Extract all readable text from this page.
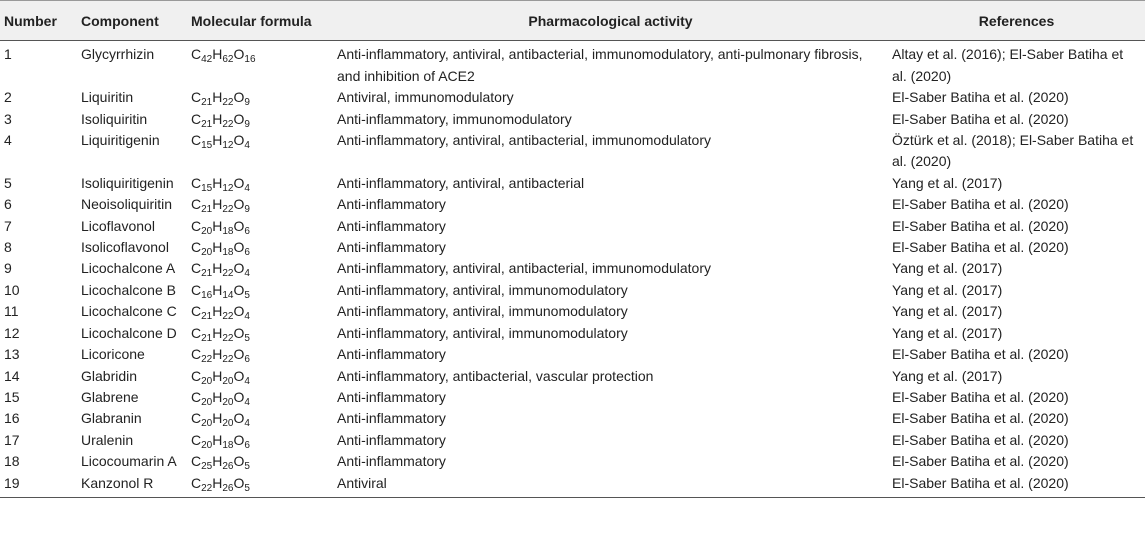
Number	Component	Molecular formula	Pharmacological activity	References
1	Glycyrrhizin	$C_{42}H_{62}O_{16}$	Anti-inflammatory, antiviral, antibacterial, immunomodulatory, anti-pulmonary fibrosis, and inhibition of ACE2	Altay et al. (2016); El-Saber Batiha et al. (2020)
2	Liquiritin	$C_{21}H_{22}O_9$	Antiviral, immunomodulatory	El-Saber Batiha et al. (2020)
3	Isoliquiritin	$C_{21}H_{22}O_9$	Anti-inflammatory, immunomodulatory	El-Saber Batiha et al. (2020)
4	Liquiritigenin	$C_{15}H_{12}O_4$	Anti-inflammatory, antiviral, antibacterial, immunomodulatory	Öztürk et al. (2018); El-Saber Batiha et al. (2020)
5	Isoliquiritigenin	$C_{15}H_{12}O_4$	Anti-inflammatory, antiviral, antibacterial	Yang et al. (2017)
6	Neoisoliquiritin	$C_{21}H_{22}O_9$	Anti-inflammatory	El-Saber Batiha et al. (2020)
7	Licoflavonol	$C_{20}H_{18}O_6$	Anti-inflammatory	El-Saber Batiha et al. (2020)
8	Isolicoflavonol	$C_{20}H_{18}O_6$	Anti-inflammatory	El-Saber Batiha et al. (2020)
9	Licochalcone A	$C_{21}H_{22}O_4$	Anti-inflammatory, antiviral, antibacterial, immunomodulatory	Yang et al. (2017)
10	Licochalcone B	$C_{16}H_{14}O_5$	Anti-inflammatory, antiviral, immunomodulatory	Yang et al. (2017)
11	Licochalcone C	$C_{21}H_{22}O_4$	Anti-inflammatory, antiviral, immunomodulatory	Yang et al. (2017)
12	Licochalcone D	$C_{21}H_{22}O_5$	Anti-inflammatory, antiviral, immunomodulatory	Yang et al. (2017)
13	Licoricone	$C_{22}H_{22}O_6$	Anti-inflammatory	El-Saber Batiha et al. (2020)
14	Glabridin	$C_{20}H_{20}O_4$	Anti-inflammatory, antibacterial, vascular protection	Yang et al. (2017)
15	Glabrene	$C_{20}H_{20}O_4$	Anti-inflammatory	El-Saber Batiha et al. (2020)
16	Glabranin	$C_{20}H_{20}O_4$	Anti-inflammatory	El-Saber Batiha et al. (2020)
17	Uralenin	$C_{20}H_{18}O_6$	Anti-inflammatory	El-Saber Batiha et al. (2020)
18	Licocoumarin A	$C_{25}H_{26}O_5$	Anti-inflammatory	El-Saber Batiha et al. (2020)
19	Kanzonol R	$C_{22}H_{26}O_5$	Antiviral	El-Saber Batiha et al. (2020)
